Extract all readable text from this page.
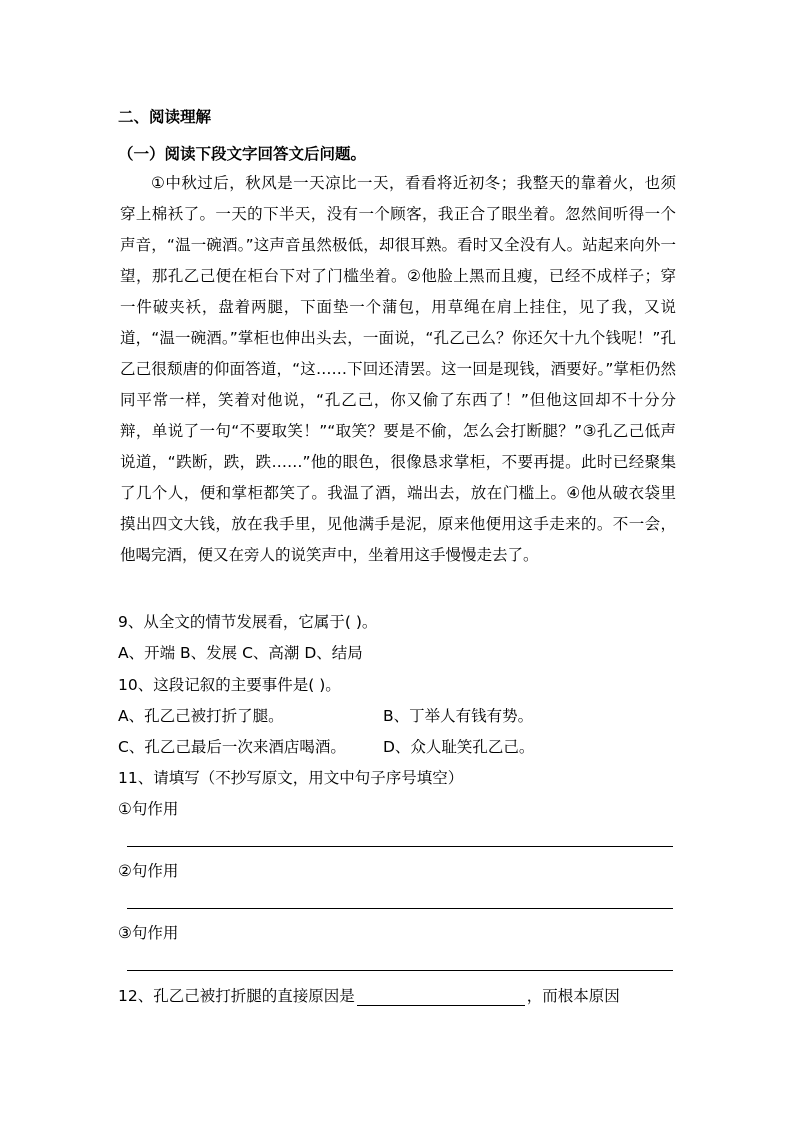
二、阅读理解
（一）阅读下段文字回答文后问题。
①中秋过后，秋风是一天凉比一天，看看将近初冬；我整天的靠着火，也须穿上棉袄了。一天的下半天，没有一个顾客，我正合了眼坐着。忽然间听得一个声音，“温一碗酒。”这声音虽然极低，却很耳熟。看时又全没有人。站起来向外一望，那孔乙己便在柜台下对了门槛坐着。②他脸上黑而且瘦，已经不成样子；穿一件破夹袄，盘着两腿，下面垫一个蒲包，用草绳在肩上挂住，见了我，又说道，“温一碗酒。”掌柜也伸出头去，一面说，“孔乙己么？你还欠十九个钱呢！”孔乙己很颓唐的仰面答道，“这……下回还清罢。这一回是现钱，酒要好。”掌柜仍然同平常一样，笑着对他说，“孔乙己，你又偷了东西了！”但他这回却不十分分辩，单说了一句“不要取笑！”“取笑？要是不偷，怎么会打断腿？”③孔乙己低声说道，“跌断，跌，跌……”他的眼色，很像恳求掌柜，不要再提。此时已经聚集了几个人，便和掌柜都笑了。我温了酒，端出去，放在门槛上。④他从破衣袋里摸出四文大钱，放在我手里，见他满手是泥，原来他便用这手走来的。不一会，他喝完酒，便又在旁人的说笑声中，坐着用这手慢慢走去了。
9、从全文的情节发展看，它属于( )。
A、开端 B、发展 C、高潮 D、结局
10、这段记叙的主要事件是( )。
A、孔乙己被打折了腿。	B、丁举人有钱有势。
C、孔乙己最后一次来酒店喝酒。 D、众人耻笑孔乙己。
11、请填写（不抄写原文，用文中句子序号填空）
①句作用
②句作用
③句作用
12、孔乙己被打折腿的直接原因是	，而根本原因
